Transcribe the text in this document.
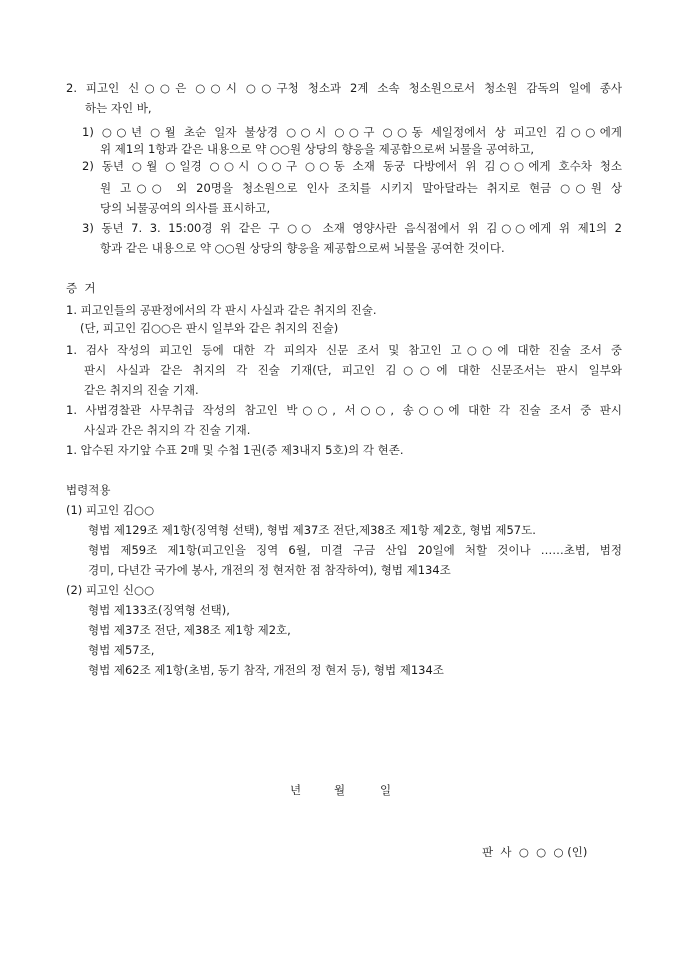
2. 피고인 신○○은 ○○시 ○○구청 청소과 2계 소속 청소원으로서 청소원 감독의 일에 종사
하는 자인 바,
1) ○○년 ○월 초순 일자 불상경 ○○시 ○○구 ○○동 세일정에서 상 피고인 김○○에게
위 제1의 1항과 같은 내용으로 약 ○○원 상당의 향응을 제공함으로써 뇌물을 공여하고,
2) 동년 ○월 ○일경 ○○시 ○○구 ○○동 소재 동궁 다방에서 위 김○○에게 호수차 청소
원 고○○ 외 20명을 청소원으로 인사 조치를 시키지 말아달라는 취지로 현금 ○○원 상
당의 뇌물공여의 의사를 표시하고,
3) 동년 7. 3. 15:00경 위 같은 구 ○○ 소재 영양사란 음식점에서 위 김○○에게 위 제1의 2
항과 같은 내용으로 약 ○○원 상당의 향응을 제공함으로써 뇌물을 공여한 것이다.
증  거
1. 피고인들의 공판정에서의 각 판시 사실과 같은 취지의 진술.
(단, 피고인 김○○은 판시 일부와 같은 취지의 진술)
1. 검사 작성의 피고인 등에 대한 각 피의자 신문 조서 및 참고인 고○○에 대한 진술 조서 중
판시 사실과 같은 취지의 각 진술 기재(단, 피고인 김○○에 대한 신문조서는 판시 일부와
같은 취지의 진술 기재.
1. 사법경찰관 사무취급 작성의 참고인 박○○, 서○○, 송○○에 대한 각 진술 조서 중 판시
사실과 간은 취지의 각 진술 기재.
1. 압수된 자기앞 수표 2매 및 수첩 1권(증 제3내지 5호)의 각 현존.
법령적용
(1) 피고인 김○○
형법 제129조 제1항(징역형 선택), 형법 제37조 전단,제38조 제1항 제2호, 형법 제57도.
형법 제59조 제1항(피고인을 징역 6월, 미결 구금 산입 20일에 처할 것이나 ……초범, 범정
경미, 다년간 국가에 봉사, 개전의 정 현저한 점 참작하여), 형법 제134조
(2) 피고인 신○○
형법 제133조(징역형 선택),
형법 제37조 전단, 제38조 제1항 제2호,
형법 제57조,
형법 제62조 제1항(초범, 동기 참작, 개전의 정 현저 등), 형법 제134조
년	월	일
판  사  ○  ○  ○ (인)
